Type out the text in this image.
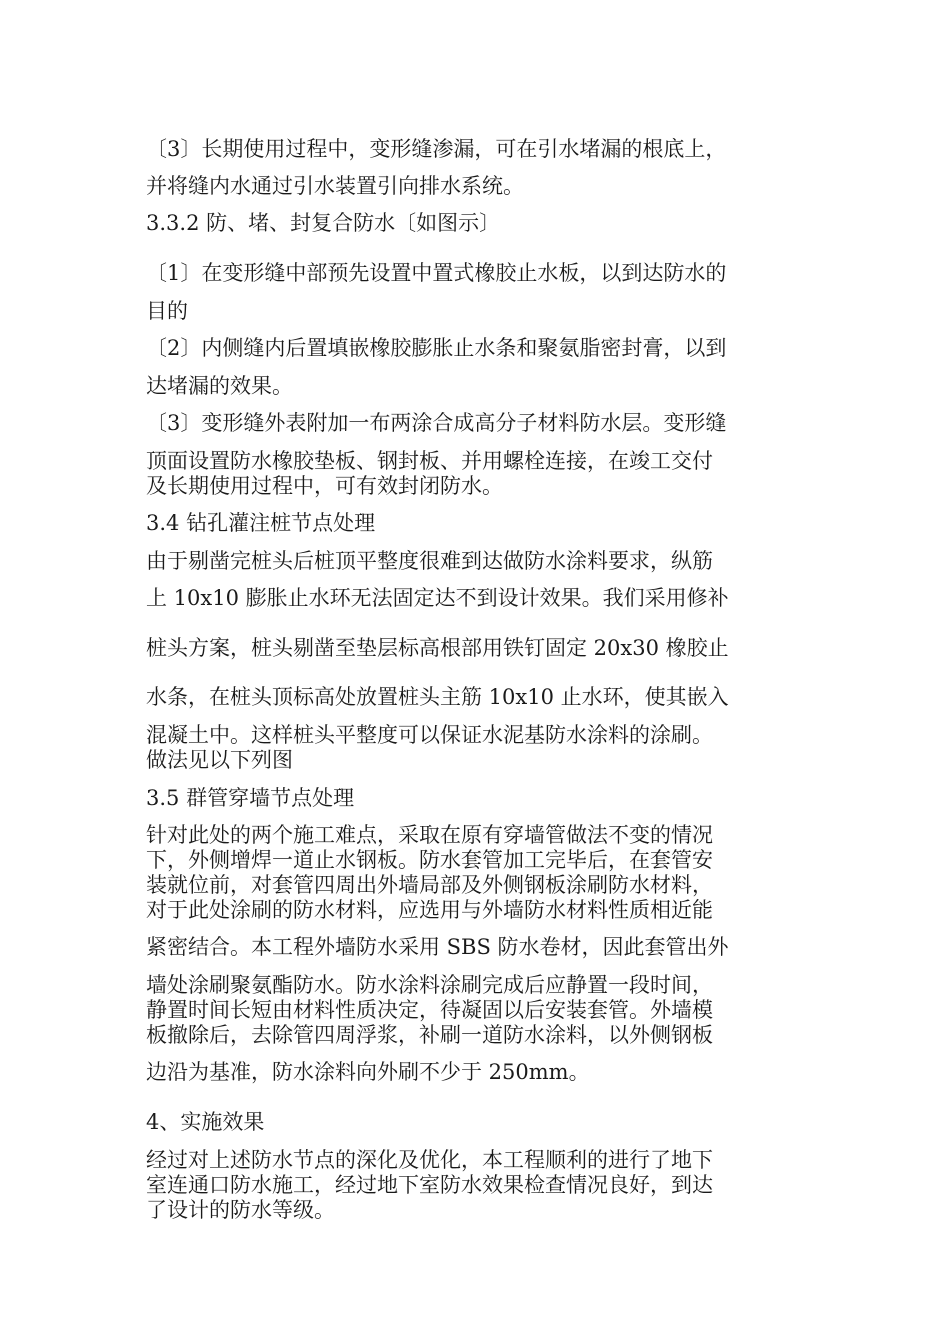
〔3〕长期使用过程中，变形缝渗漏，可在引水堵漏的根底上，
并将缝内水通过引水装置引向排水系统。
3.3.2 防、堵、封复合防水〔如图示〕
〔1〕在变形缝中部预先设置中置式橡胶止水板，以到达防水的
目的
〔2〕内侧缝内后置填嵌橡胶膨胀止水条和聚氨脂密封膏，以到
达堵漏的效果。
〔3〕变形缝外表附加一布两涂合成高分子材料防水层。变形缝
顶面设置防水橡胶垫板、钢封板、并用螺栓连接，在竣工交付
及长期使用过程中，可有效封闭防水。
3.4 钻孔灌注桩节点处理
由于剔凿完桩头后桩顶平整度很难到达做防水涂料要求，纵筋
上 10x10 膨胀止水环无法固定达不到设计效果。我们采用修补
桩头方案，桩头剔凿至垫层标高根部用铁钉固定 20x30 橡胶止
水条，在桩头顶标高处放置桩头主筋 10x10 止水环，使其嵌入
混凝土中。这样桩头平整度可以保证水泥基防水涂料的涂刷。
做法见以下列图
3.5 群管穿墙节点处理
针对此处的两个施工难点，采取在原有穿墙管做法不变的情况
下，外侧增焊一道止水钢板。防水套管加工完毕后，在套管安
装就位前，对套管四周出外墙局部及外侧钢板涂刷防水材料，
对于此处涂刷的防水材料，应选用与外墙防水材料性质相近能
紧密结合。本工程外墙防水采用 SBS 防水卷材，因此套管出外
墙处涂刷聚氨酯防水。防水涂料涂刷完成后应静置一段时间，
静置时间长短由材料性质决定，待凝固以后安装套管。外墙模
板撤除后，去除管四周浮浆，补刷一道防水涂料，以外侧钢板
边沿为基准，防水涂料向外刷不少于 250mm。
4、实施效果
经过对上述防水节点的深化及优化，本工程顺利的进行了地下
室连通口防水施工，经过地下室防水效果检查情况良好，到达
了设计的防水等级。
